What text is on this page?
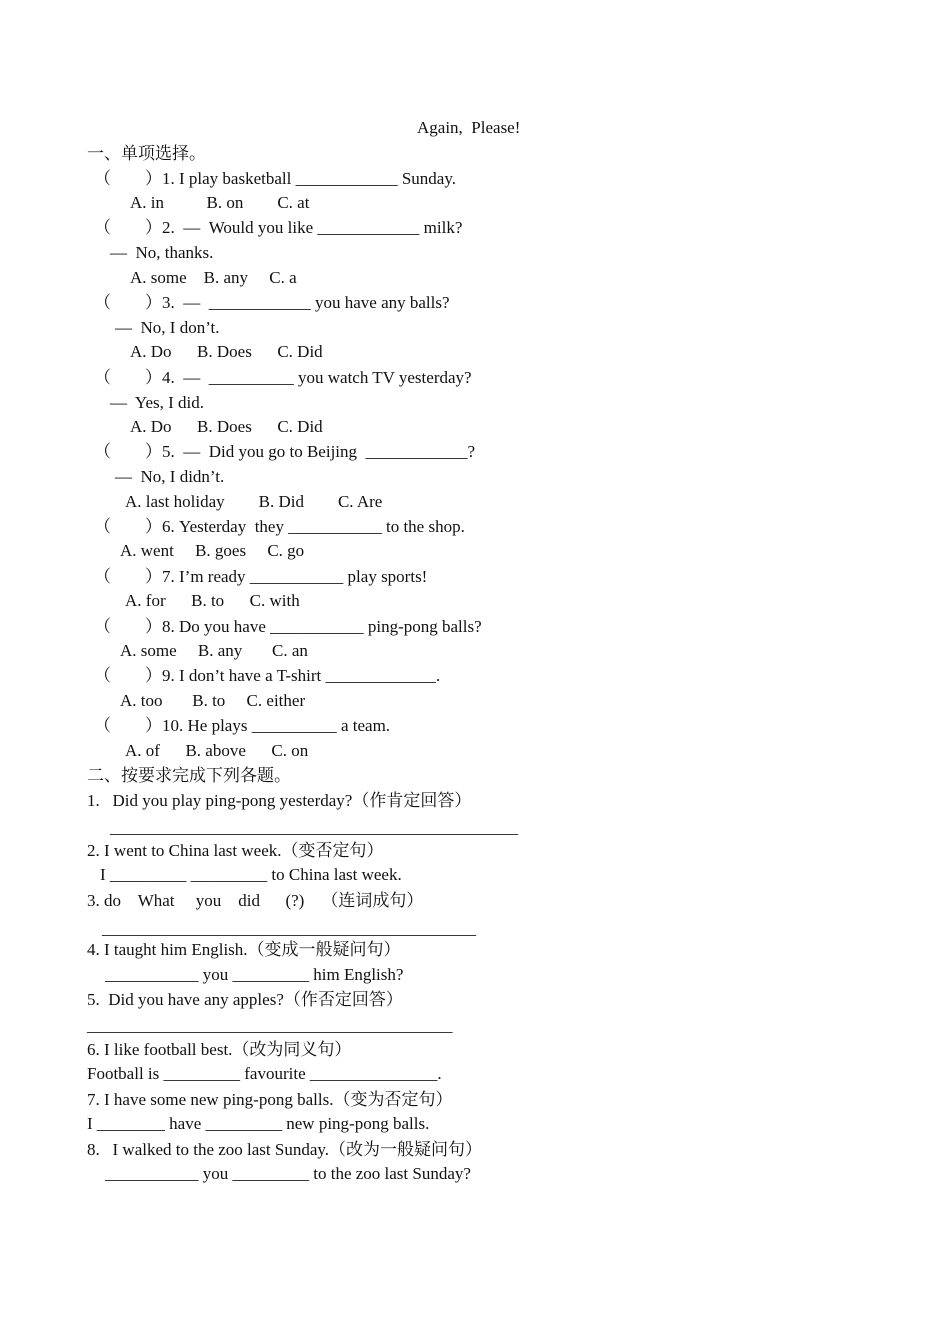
Again,  Please!
一、单项选择。
（        ）1. I play basketball ____________ Sunday.
A. in          B. on        C. at
（        ）2.  —  Would you like ____________ milk?
—  No, thanks.
A. some    B. any     C. a
（        ）3.  —  ____________ you have any balls?
—  No, I don’t.
A. Do      B. Does      C. Did
（        ）4.  —  __________ you watch TV yesterday?
—  Yes, I did.
A. Do      B. Does      C. Did
（        ）5.  —  Did you go to Beijing  ____________?
—  No, I didn’t.
A. last holiday        B. Did        C. Are
（        ）6. Yesterday  they ___________ to the shop.
A. went     B. goes     C. go
（        ）7. I’m ready ___________ play sports!
A. for      B. to      C. with
（        ）8. Do you have ___________ ping-pong balls?
A. some     B. any       C. an
（        ）9. I don’t have a T-shirt _____________.
A. too       B. to     C. either
（        ）10. He plays __________ a team.
A. of      B. above      C. on
二、按要求完成下列各题。
1.   Did you play ping-pong yesterday?（作肯定回答）
________________________________________________
2. I went to China last week.（变否定句）
I _________ _________ to China last week.
3. do    What     you    did      (?)    （连词成句）
____________________________________________
4. I taught him English.（变成一般疑问句）
___________ you _________ him English?
5.  Did you have any apples?（作否定回答）
___________________________________________
6. I like football best.（改为同义句）
Football is _________ favourite _______________.
7. I have some new ping-pong balls.（变为否定句）
I ________ have _________ new ping-pong balls.
8.   I walked to the zoo last Sunday.（改为一般疑问句）
___________ you _________ to the zoo last Sunday?
